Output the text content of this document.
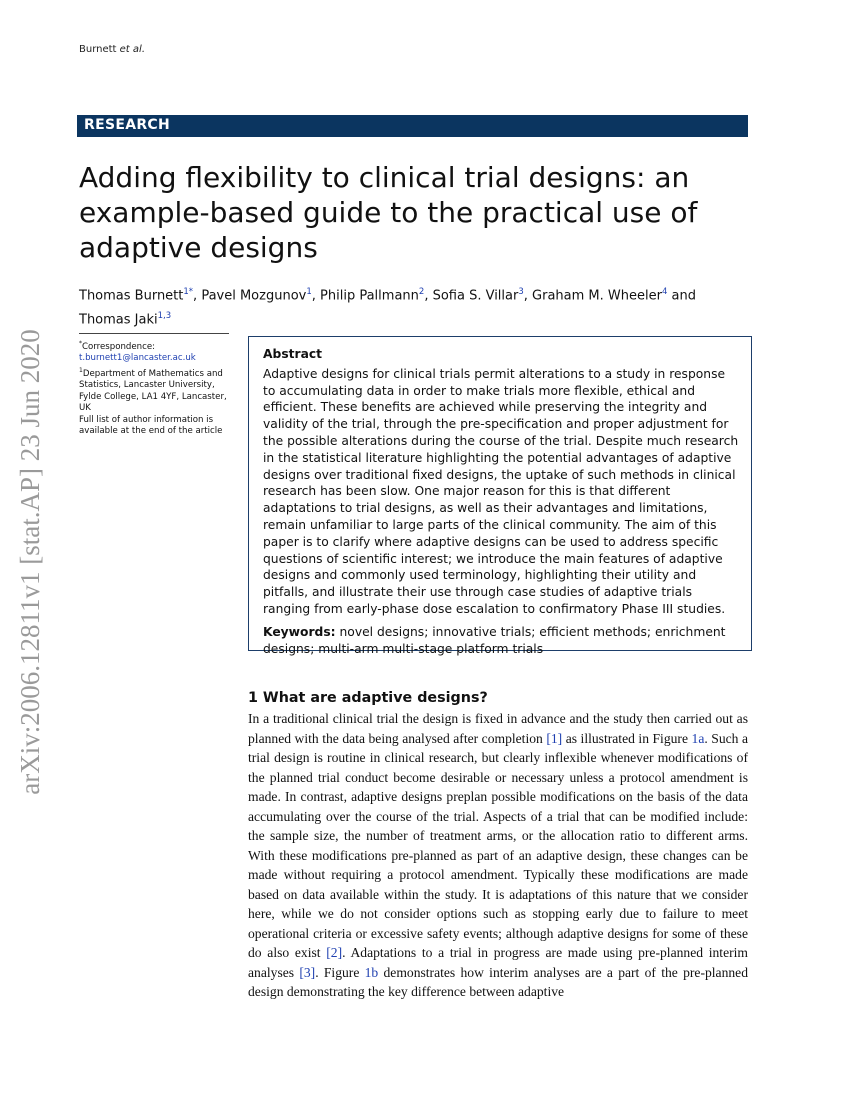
Burnett et al.
RESEARCH
Adding flexibility to clinical trial designs: an example-based guide to the practical use of adaptive designs
Thomas Burnett$^{1*}$, Pavel Mozgunov$^1$, Philip Pallmann$^2$, Sofia S. Villar$^3$, Graham M. Wheeler$^4$ and Thomas Jaki$^{1,3}$

*Correspondence:
t.burnett1@lancaster.ac.uk

$^1$Department of Mathematics and Statistics, Lancaster University, Fylde College, LA1 4YF, Lancaster, UK

Full list of author information is available at the end of the article

arXiv:2006.12811v1 [stat.AP] 23 Jun 2020	Abstract

Adaptive designs for clinical trials permit alterations to a study in response to accumulating data in order to make trials more flexible, ethical and efficient. These benefits are achieved while preserving the integrity and validity of the trial, through the pre-specification and proper adjustment for the possible alterations during the course of the trial. Despite much research in the statistical literature highlighting the potential advantages of adaptive designs over traditional fixed designs, the uptake of such methods in clinical research has been slow. One major reason for this is that different adaptations to trial designs, as well as their advantages and limitations, remain unfamiliar to large parts of the clinical community. The aim of this paper is to clarify where adaptive designs can be used to address specific questions of scientific interest; we introduce the main features of adaptive designs and commonly used terminology, highlighting their utility and pitfalls, and illustrate their use through case studies of adaptive trials ranging from early-phase dose escalation to confirmatory Phase III studies.

Keywords: novel designs; innovative trials; efficient methods; enrichment designs; multi-arm multi-stage platform trials

1 What are adaptive designs?

In a traditional clinical trial the design is fixed in advance and the study then carried out as planned with the data being analysed after completion [1] as illustrated in Figure 1a. Such a trial design is routine in clinical research, but clearly inflexible whenever modifications of the planned trial conduct become desirable or necessary unless a protocol amendment is made. In contrast, adaptive designs preplan possible modifications on the basis of the data accumulating over the course of the trial. Aspects of a trial that can be modified include: the sample size, the number of treatment arms, or the allocation ratio to different arms. With these modifications pre-planned as part of an adaptive design, these changes can be made without requiring a protocol amendment. Typically these modifications are made based on data available within the study. It is adaptations of this nature that we consider here, while we do not consider options such as stopping early due to failure to meet operational criteria or excessive safety events; although adaptive designs for some of these do also exist [2]. Adaptations to a trial in progress are made using pre-planned interim analyses [3]. Figure 1b demonstrates how interim analyses are a part of the pre-planned design demonstrating the key difference between adaptive
